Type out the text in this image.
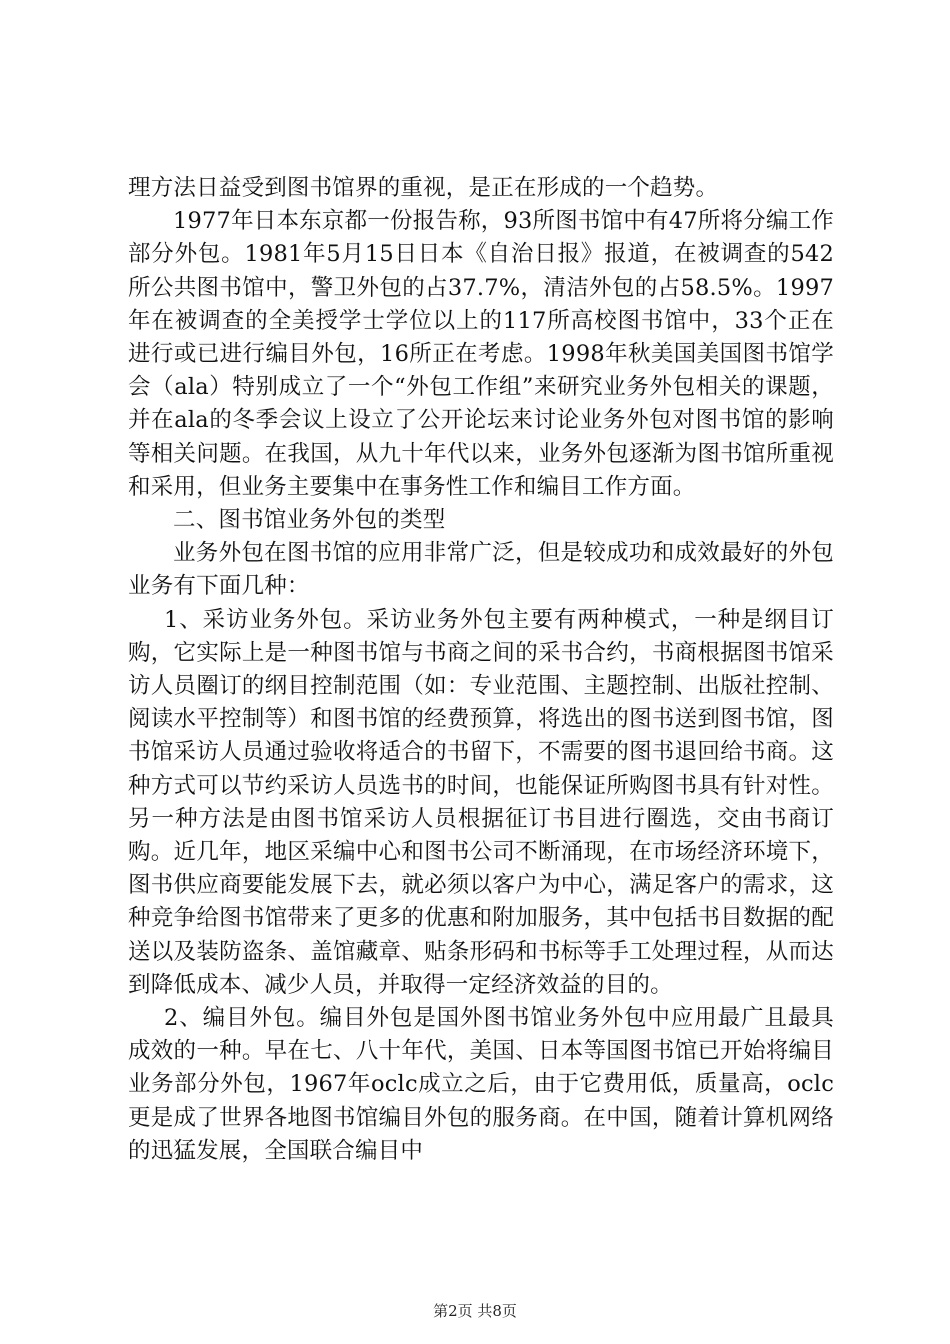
理方法日益受到图书馆界的重视，是正在形成的一个趋势。

1977年日本东京都一份报告称，93所图书馆中有47所将分编工作部分外包。1981年5月15日日本《自治日报》报道，在被调查的542所公共图书馆中，警卫外包的占37.7%，清洁外包的占58.5%。1997年在被调查的全美授学士学位以上的117所高校图书馆中，33个正在进行或已进行编目外包，16所正在考虑。1998年秋美国美国图书馆学会（ala）特别成立了一个“外包工作组”来研究业务外包相关的课题，并在ala的冬季会议上设立了公开论坛来讨论业务外包对图书馆的影响等相关问题。在我国，从九十年代以来，业务外包逐渐为图书馆所重视和采用，但业务主要集中在事务性工作和编目工作方面。

二、图书馆业务外包的类型

业务外包在图书馆的应用非常广泛，但是较成功和成效最好的外包业务有下面几种：

1、采访业务外包。采访业务外包主要有两种模式，一种是纲目订购，它实际上是一种图书馆与书商之间的采书合约，书商根据图书馆采访人员圈订的纲目控制范围（如：专业范围、主题控制、出版社控制、阅读水平控制等）和图书馆的经费预算，将选出的图书送到图书馆，图书馆采访人员通过验收将适合的书留下，不需要的图书退回给书商。这种方式可以节约采访人员选书的时间，也能保证所购图书具有针对性。另一种方法是由图书馆采访人员根据征订书目进行圈选，交由书商订购。近几年，地区采编中心和图书公司不断涌现，在市场经济环境下，图书供应商要能发展下去，就必须以客户为中心，满足客户的需求，这种竞争给图书馆带来了更多的优惠和附加服务，其中包括书目数据的配送以及装防盗条、盖馆藏章、贴条形码和书标等手工处理过程，从而达到降低成本、减少人员，并取得一定经济效益的目的。

2、编目外包。编目外包是国外图书馆业务外包中应用最广且最具成效的一种。早在七、八十年代，美国、日本等国图书馆已开始将编目业务部分外包，1967年oclc成立之后，由于它费用低，质量高，oclc更是成了世界各地图书馆编目外包的服务商。在中国，随着计算机网络的迅猛发展，全国联合编目中

第2页 共8页
